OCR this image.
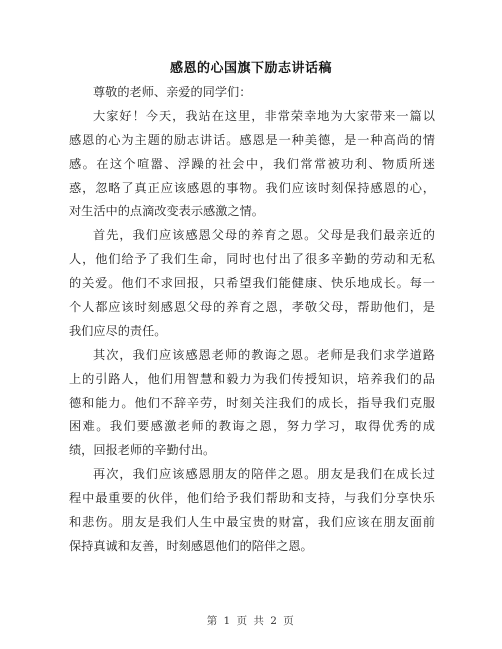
感恩的心国旗下励志讲话稿
尊敬的老师、亲爱的同学们：
大家好！今天，我站在这里，非常荣幸地为大家带来一篇以
感恩的心为主题的励志讲话。感恩是一种美德，是一种高尚的情
感。在这个喧嚣、浮躁的社会中，我们常常被功利、物质所迷
惑，忽略了真正应该感恩的事物。我们应该时刻保持感恩的心，
对生活中的点滴改变表示感激之情。
首先，我们应该感恩父母的养育之恩。父母是我们最亲近的
人，他们给予了我们生命，同时也付出了很多辛勤的劳动和无私
的关爱。他们不求回报，只希望我们能健康、快乐地成长。每一
个人都应该时刻感恩父母的养育之恩，孝敬父母，帮助他们，是
我们应尽的责任。
其次，我们应该感恩老师的教诲之恩。老师是我们求学道路
上的引路人，他们用智慧和毅力为我们传授知识，培养我们的品
德和能力。他们不辞辛劳，时刻关注我们的成长，指导我们克服
困难。我们要感激老师的教诲之恩，努力学习，取得优秀的成
绩，回报老师的辛勤付出。
再次，我们应该感恩朋友的陪伴之恩。朋友是我们在成长过
程中最重要的伙伴，他们给予我们帮助和支持，与我们分享快乐
和悲伤。朋友是我们人生中最宝贵的财富，我们应该在朋友面前
保持真诚和友善，时刻感恩他们的陪伴之恩。
第 1 页 共 2 页
